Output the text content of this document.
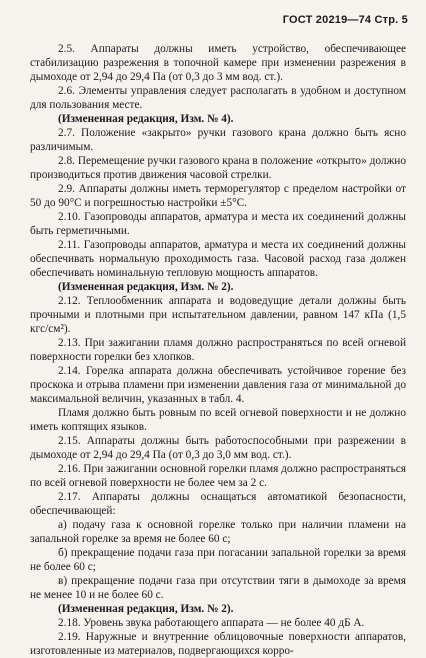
ГОСТ 20219—74 Стр. 5

2.5. Аппараты должны иметь устройство, обеспечивающее стабилизацию разрежения в топочной камере при изменении разрежения в дымоходе от 2,94 до 29,4 Па (от 0,3 до 3 мм вод. ст.).

2.6. Элементы управления следует располагать в удобном и доступном для пользования месте.

(Измененная редакция, Изм. № 4).

2.7. Положение «закрыто» ручки газового крана должно быть ясно различимым.

2.8. Перемещение ручки газового крана в положение «открыто» должно производиться против движения часовой стрелки.

2.9. Аппараты должны иметь терморегулятор с пределом настройки от 50 до 90°С и погрешностью настройки ±5°С.

2.10. Газопроводы аппаратов, арматура и места их соединений должны быть герметичными.

2.11. Газопроводы аппаратов, арматура и места их соединений должны обеспечивать нормальную проходимость газа. Часовой расход газа должен обеспечивать номинальную тепловую мощность аппаратов.

(Измененная редакция, Изм. № 2).

2.12. Теплообменник аппарата и водоведущие детали должны быть прочными и плотными при испытательном давлении, равном 147 кПа (1,5 кгс/см²).

2.13. При зажигании пламя должно распространяться по всей огневой поверхности горелки без хлопков.

2.14. Горелка аппарата должна обеспечивать устойчивое горение без проскока и отрыва пламени при изменении давления газа от минимальной до максимальной величин, указанных в табл. 4.

Пламя должно быть ровным по всей огневой поверхности и не должно иметь коптящих языков.

2.15. Аппараты должны быть работоспособными при разрежении в дымоходе от 2,94 до 29,4 Па (от 0,3 до 3,0 мм вод. ст.).

2.16. При зажигании основной горелки пламя должно распространяться по всей огневой поверхности не более чем за 2 с.

2.17. Аппараты должны оснащаться автоматикой безопасности, обеспечивающей:

а) подачу газа к основной горелке только при наличии пламени на запальной горелке за время не более 60 с;

б) прекращение подачи газа при погасании запальной горелки за время не более 60 с;

в) прекращение подачи газа при отсутствии тяги в дымоходе за время не менее 10 и не более 60 с.

(Измененная редакция, Изм. № 2).

2.18. Уровень звука работающего аппарата — не более 40 дБ А.

2.19. Наружные и внутренние облицовочные поверхности аппаратов, изготовленные из материалов, подвергающихся корро-
